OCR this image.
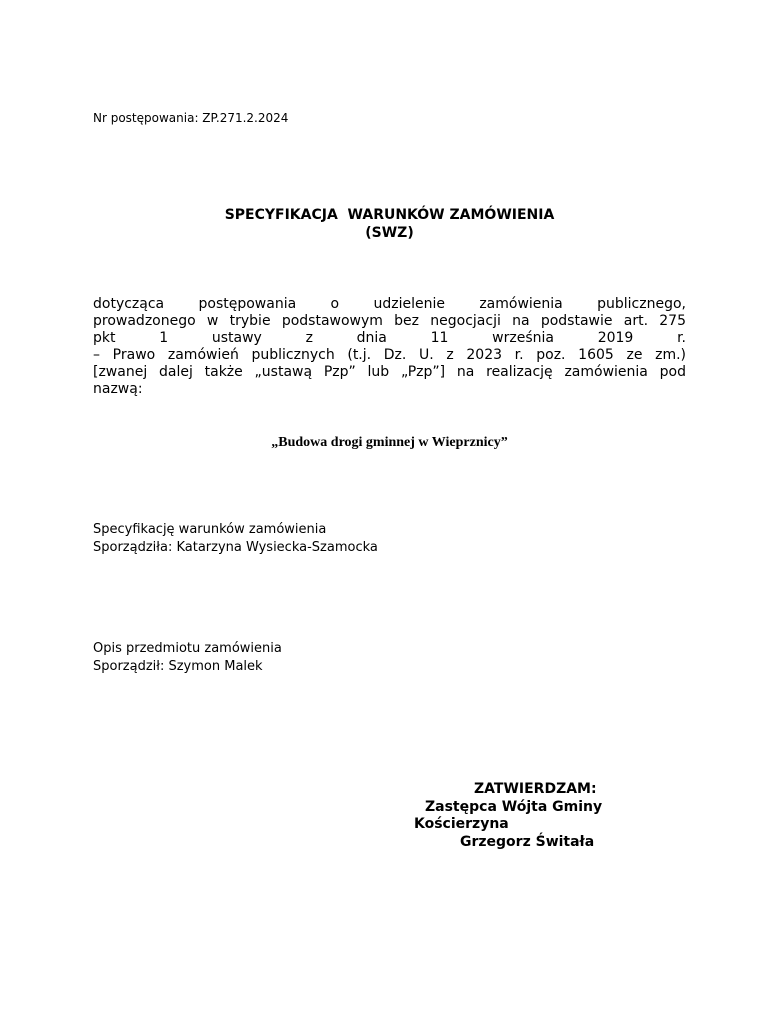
Nr postępowania: ZP.271.2.2024
SPECYFIKACJA  WARUNKÓW ZAMÓWIENIA
(SWZ)
dotycząca postępowania o udzielenie zamówienia publicznego,
prowadzonego w trybie podstawowym bez negocjacji na podstawie art. 275
pkt 1 ustawy z dnia 11 września 2019 r.
– Prawo zamówień publicznych (t.j. Dz. U. z 2023 r. poz. 1605 ze zm.)
[zwanej dalej także „ustawą Pzp” lub „Pzp”] na realizację zamówienia pod
nazwą:
„Budowa drogi gminnej w Wieprznicy”
Specyfikację warunków zamówienia
Sporządziła: Katarzyna Wysiecka-Szamocka
Opis przedmiotu zamówienia
Sporządził: Szymon Malek
ZATWIERDZAM:
Zastępca Wójta Gminy
Kościerzyna
Grzegorz Świtała
